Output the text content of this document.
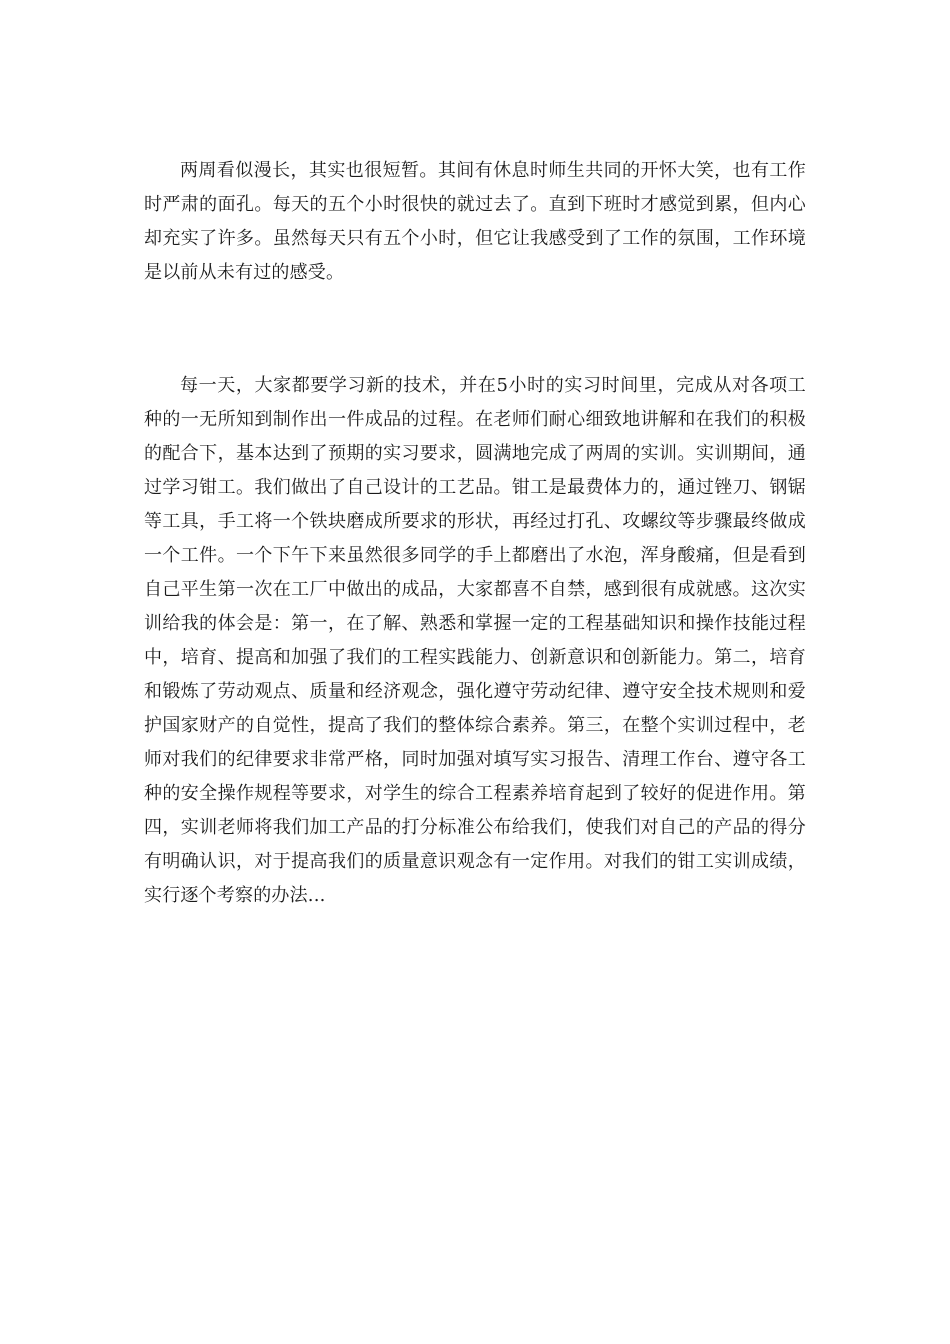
两周看似漫长，其实也很短暂。其间有休息时师生共同的开怀大笑，也有工作时严肃的面孔。每天的五个小时很快的就过去了。直到下班时才感觉到累，但内心却充实了许多。虽然每天只有五个小时，但它让我感受到了工作的氛围，工作环境是以前从未有过的感受。

每一天，大家都要学习新的技术，并在5小时的实习时间里，完成从对各项工种的一无所知到制作出一件成品的过程。在老师们耐心细致地讲解和在我们的积极的配合下，基本达到了预期的实习要求，圆满地完成了两周的实训。实训期间，通过学习钳工。我们做出了自己设计的工艺品。钳工是最费体力的，通过锉刀、钢锯等工具，手工将一个铁块磨成所要求的形状，再经过打孔、攻螺纹等步骤最终做成一个工件。一个下午下来虽然很多同学的手上都磨出了水泡，浑身酸痛，但是看到自己平生第一次在工厂中做出的成品，大家都喜不自禁，感到很有成就感。这次实训给我的体会是：第一，在了解、熟悉和掌握一定的工程基础知识和操作技能过程中，培育、提高和加强了我们的工程实践能力、创新意识和创新能力。第二，培育和锻炼了劳动观点、质量和经济观念，强化遵守劳动纪律、遵守安全技术规则和爱护国家财产的自觉性，提高了我们的整体综合素养。第三，在整个实训过程中，老师对我们的纪律要求非常严格，同时加强对填写实习报告、清理工作台、遵守各工种的安全操作规程等要求，对学生的综合工程素养培育起到了较好的促进作用。第四，实训老师将我们加工产品的打分标准公布给我们，使我们对自己的产品的得分有明确认识，对于提高我们的质量意识观念有一定作用。对我们的钳工实训成绩，实行逐个考察的办法...
